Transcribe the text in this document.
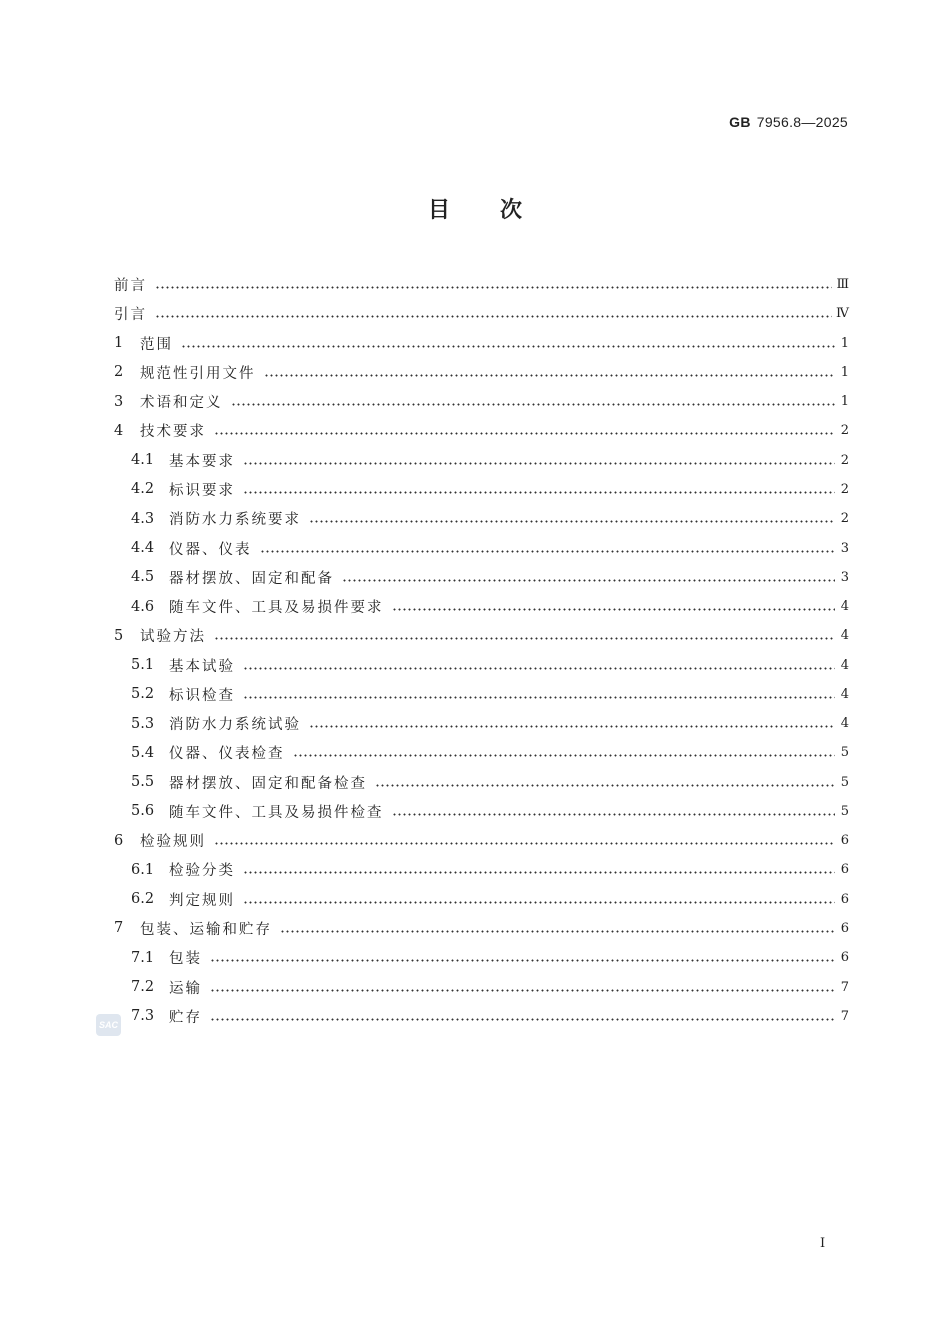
GB 7956.8—2025
目次
前言	Ⅲ
引言	Ⅳ
1	范围	1
2	规范性引用文件	1
3	术语和定义	1
4	技术要求	2
4.1	基本要求	2
4.2	标识要求	2
4.3	消防水力系统要求	2
4.4	仪器、仪表	3
4.5	器材摆放、固定和配备	3
4.6	随车文件、工具及易损件要求	4
5	试验方法	4
5.1	基本试验	4
5.2	标识检查	4
5.3	消防水力系统试验	4
5.4	仪器、仪表检查	5
5.5	器材摆放、固定和配备检查	5
5.6	随车文件、工具及易损件检查	5
6	检验规则	6
6.1	检验分类	6
6.2	判定规则	6
7	包装、运输和贮存	6
7.1	包装	6
7.2	运输	7
7.3	贮存	7
SAC
I
